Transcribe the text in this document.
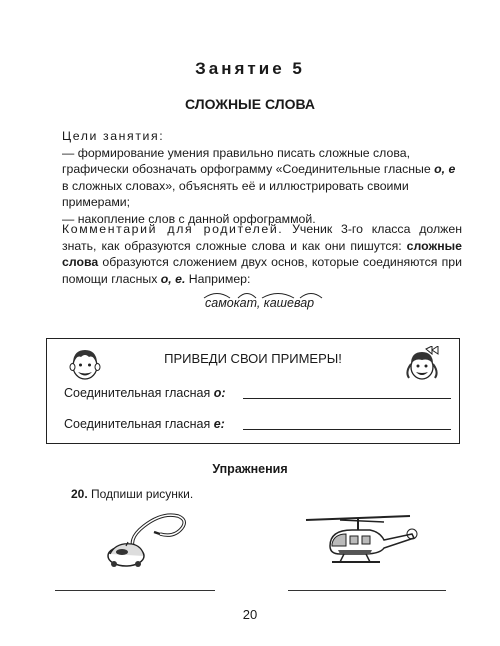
Занятие 5
СЛОЖНЫЕ СЛОВА
Цели занятия:
— формирование умения правильно писать сложные слова, графически обозначать орфограмму «Соединительные гласные о, е в сложных словах», объяснять её и иллюстрировать своими примерами;
— накопление слов с данной орфограммой.
Комментарий для родителей. Ученик 3-го класса должен знать, как образуются сложные слова и как они пишутся: сложные слова образуются сложением двух основ, которые соединяются при помощи гласных о, е. Например:
самокат, кашевар
ПРИВЕДИ СВОИ ПРИМЕРЫ!
Соединительная гласная о:
Соединительная гласная е:
Упражнения
20. Подпиши рисунки.
20
